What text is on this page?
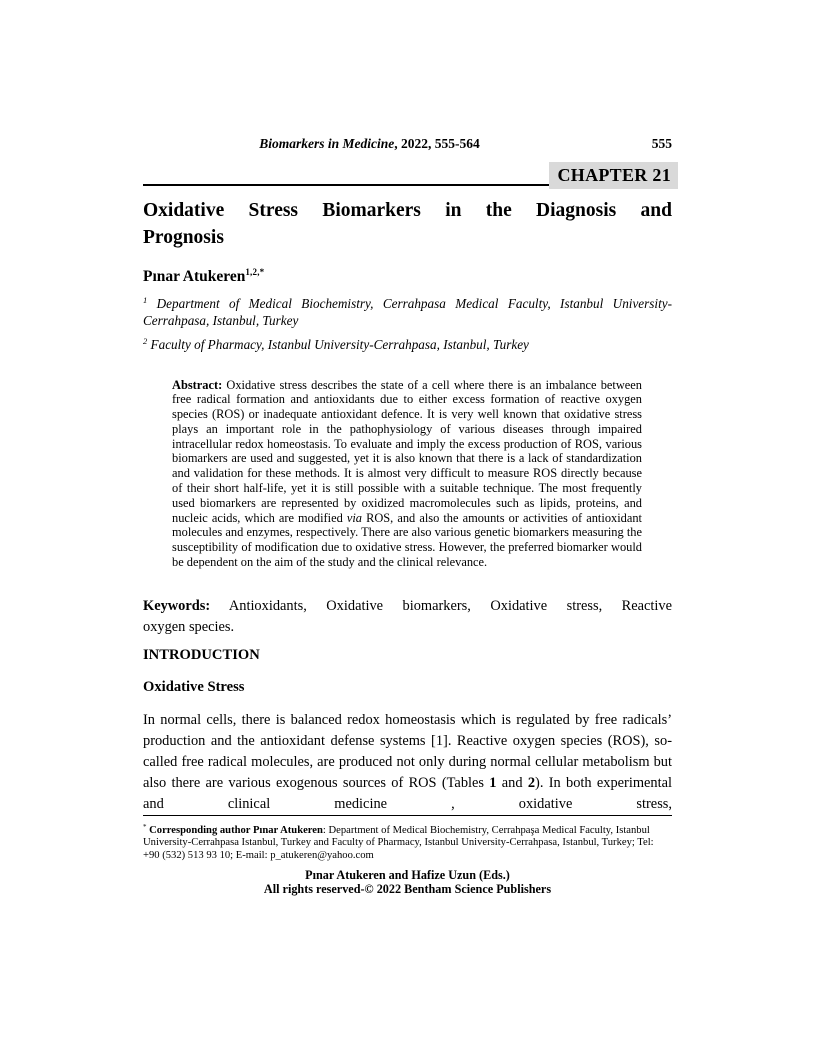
Biomarkers in Medicine, 2022, 555-564	555
CHAPTER 21
Oxidative Stress Biomarkers in the Diagnosis and
Prognosis
Pınar Atukeren$^{1,2,*}$

$^1$ Department of Medical Biochemistry, Cerrahpasa Medical Faculty, Istanbul University-

Cerrahpasa, Istanbul, Turkey

$^2$ Faculty of Pharmacy, Istanbul University-Cerrahpasa, Istanbul, Turkey

Abstract: Oxidative stress describes the state of a cell where there is an imbalance between free radical formation and antioxidants due to either excess formation of reactive oxygen species (ROS) or inadequate antioxidant defence. It is very well known that oxidative stress plays an important role in the pathophysiology of various diseases through impaired intracellular redox homeostasis. To evaluate and imply the excess production of ROS, various biomarkers are used and suggested, yet it is also known that there is a lack of standardization and validation for these methods. It is almost very difficult to measure ROS directly because of their short half-life, yet it is still possible with a suitable technique. The most frequently used biomarkers are represented by oxidized macromolecules such as lipids, proteins, and nucleic acids, which are modified via ROS, and also the amounts or activities of antioxidant molecules and enzymes, respectively. There are also various genetic biomarkers measuring the susceptibility of modification due to oxidative stress. However, the preferred biomarker would be dependent on the aim of the study and the clinical relevance.

Keywords: Antioxidants, Oxidative biomarkers, Oxidative stress, Reactive

oxygen species.

INTRODUCTION
Oxidative Stress

In normal cells, there is balanced redox homeostasis which is regulated by free radicals’ production and the antioxidant defense systems [1]. Reactive oxygen species (ROS), so-called free radical molecules, are produced not only during normal cellular metabolism but also there are various exogenous sources of ROS (Tables 1 and 2). In both experimental and clinical medicine , oxidative stress,

* Corresponding author Pınar Atukeren: Department of Medical Biochemistry, Cerrahpaşa Medical Faculty, Istanbul University-Cerrahpasa Istanbul, Turkey and Faculty of Pharmacy, Istanbul University-Cerrahpasa, Istanbul, Turkey; Tel: +90 (532) 513 93 10; E-mail: p_atukeren@yahoo.com

Pınar Atukeren and Hafize Uzun (Eds.)
All rights reserved-© 2022 Bentham Science Publishers
